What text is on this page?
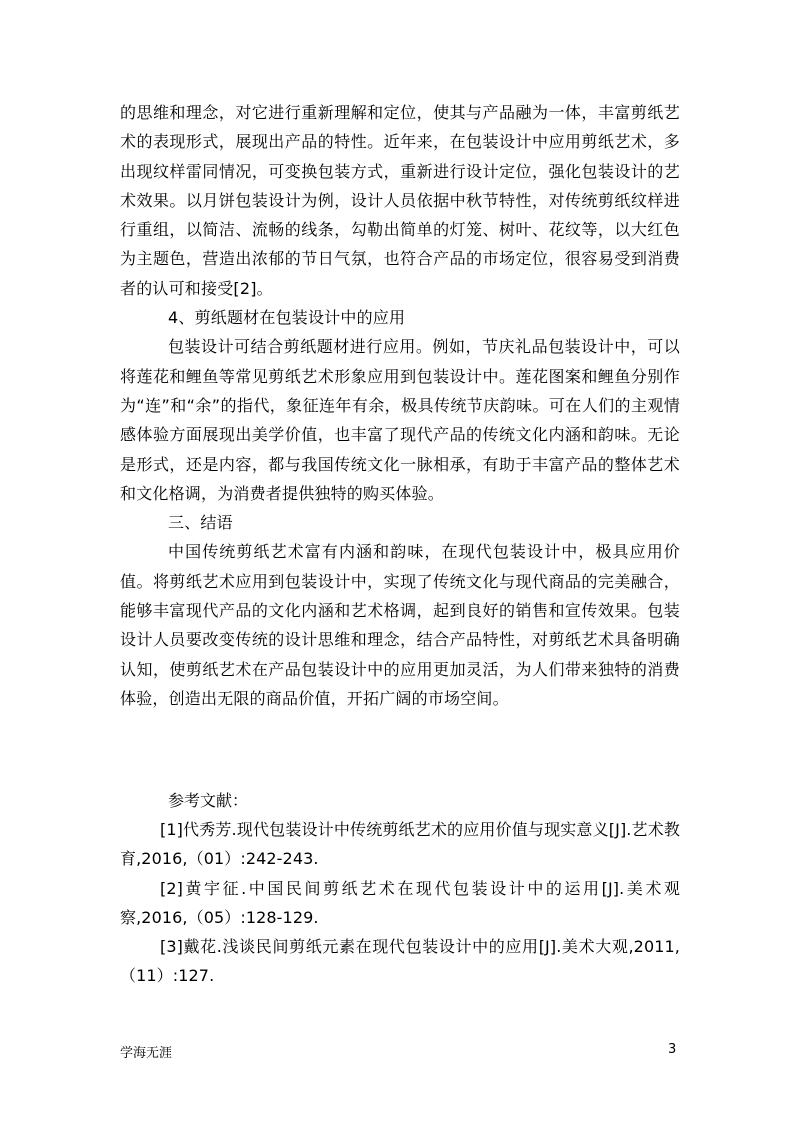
的思维和理念，对它进行重新理解和定位，使其与产品融为一体，丰富剪纸艺术的表现形式，展现出产品的特性。近年来，在包装设计中应用剪纸艺术，多出现纹样雷同情况，可变换包装方式，重新进行设计定位，强化包装设计的艺术效果。以月饼包装设计为例，设计人员依据中秋节特性，对传统剪纸纹样进行重组，以简洁、流畅的线条，勾勒出简单的灯笼、树叶、花纹等，以大红色为主题色，营造出浓郁的节日气氛，也符合产品的市场定位，很容易受到消费者的认可和接受[2]。

4、剪纸题材在包装设计中的应用

包装设计可结合剪纸题材进行应用。例如，节庆礼品包装设计中，可以将莲花和鲤鱼等常见剪纸艺术形象应用到包装设计中。莲花图案和鲤鱼分别作为“连”和“余”的指代，象征连年有余，极具传统节庆韵味。可在人们的主观情感体验方面展现出美学价值，也丰富了现代产品的传统文化内涵和韵味。无论是形式，还是内容，都与我国传统文化一脉相承，有助于丰富产品的整体艺术和文化格调，为消费者提供独特的购买体验。

三、结语

中国传统剪纸艺术富有内涵和韵味，在现代包装设计中，极具应用价值。将剪纸艺术应用到包装设计中，实现了传统文化与现代商品的完美融合，能够丰富现代产品的文化内涵和艺术格调，起到良好的销售和宣传效果。包装设计人员要改变传统的设计思维和理念，结合产品特性，对剪纸艺术具备明确认知，使剪纸艺术在产品包装设计中的应用更加灵活，为人们带来独特的消费体验，创造出无限的商品价值，开拓广阔的市场空间。

参考文献：

[1]代秀芳.现代包装设计中传统剪纸艺术的应用价值与现实意义[J].艺术教育,2016,（01）:242-243.

[2]黄宇征.中国民间剪纸艺术在现代包装设计中的运用[J].美术观察,2016,（05）:128-129.

[3]戴花.浅谈民间剪纸元素在现代包装设计中的应用[J].美术大观,2011,（11）:127.

学海无涯	3
